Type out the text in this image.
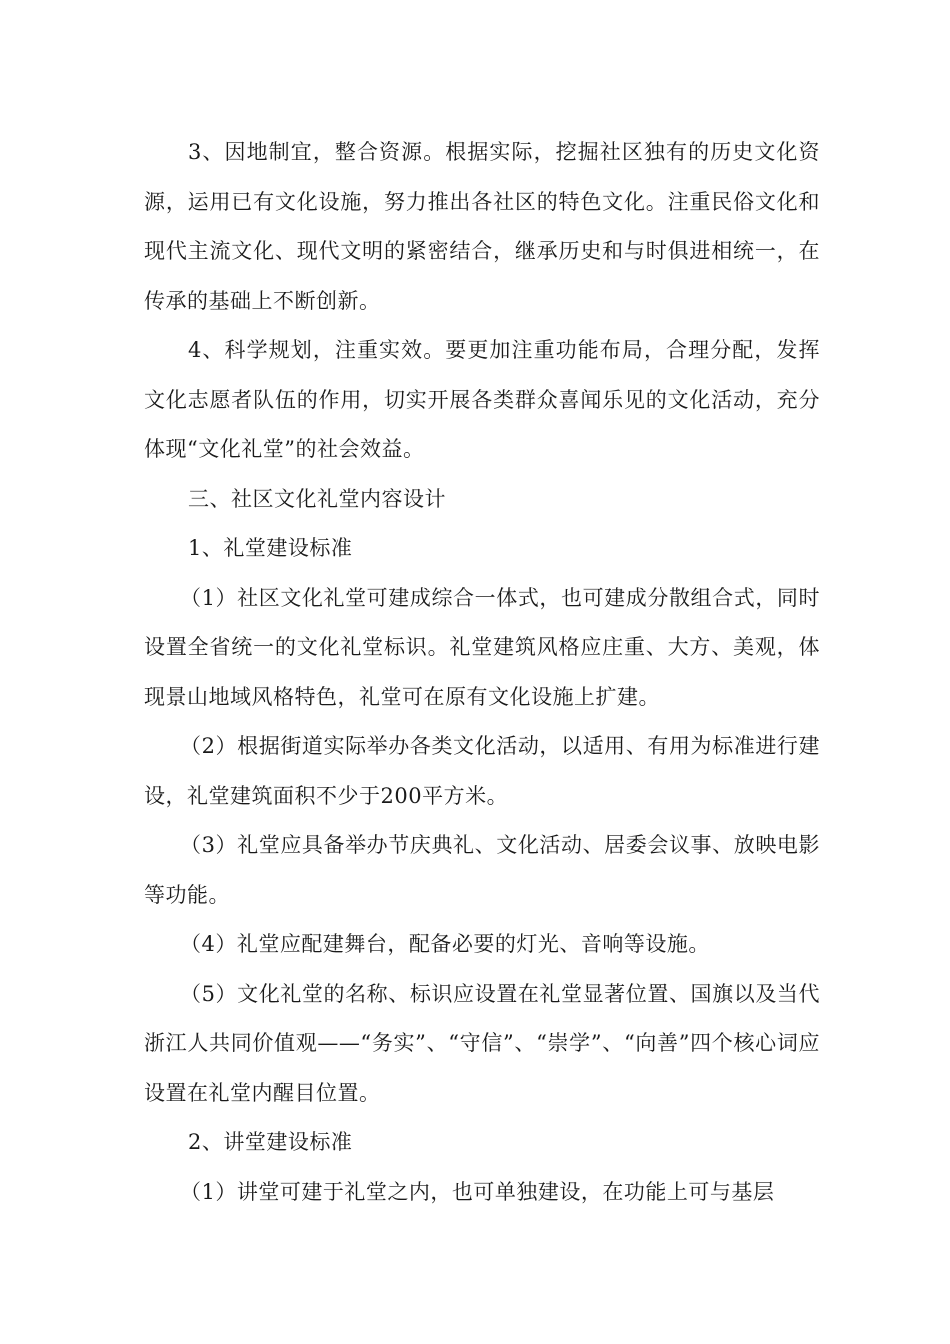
3、因地制宜，整合资源。根据实际，挖掘社区独有的历史文化资源，运用已有文化设施，努力推出各社区的特色文化。注重民俗文化和现代主流文化、现代文明的紧密结合，继承历史和与时俱进相统一，在传承的基础上不断创新。

4、科学规划，注重实效。要更加注重功能布局，合理分配，发挥文化志愿者队伍的作用，切实开展各类群众喜闻乐见的文化活动，充分体现“文化礼堂”的社会效益。

三、社区文化礼堂内容设计

1、礼堂建设标准

（1）社区文化礼堂可建成综合一体式，也可建成分散组合式，同时设置全省统一的文化礼堂标识。礼堂建筑风格应庄重、大方、美观，体现景山地域风格特色，礼堂可在原有文化设施上扩建。

（2）根据街道实际举办各类文化活动，以适用、有用为标准进行建设，礼堂建筑面积不少于200平方米。

（3）礼堂应具备举办节庆典礼、文化活动、居委会议事、放映电影等功能。

（4）礼堂应配建舞台，配备必要的灯光、音响等设施。

（5）文化礼堂的名称、标识应设置在礼堂显著位置、国旗以及当代浙江人共同价值观——“务实”、“守信”、“崇学”、“向善”四个核心词应设置在礼堂内醒目位置。

2、讲堂建设标准

（1）讲堂可建于礼堂之内，也可单独建设，在功能上可与基层
